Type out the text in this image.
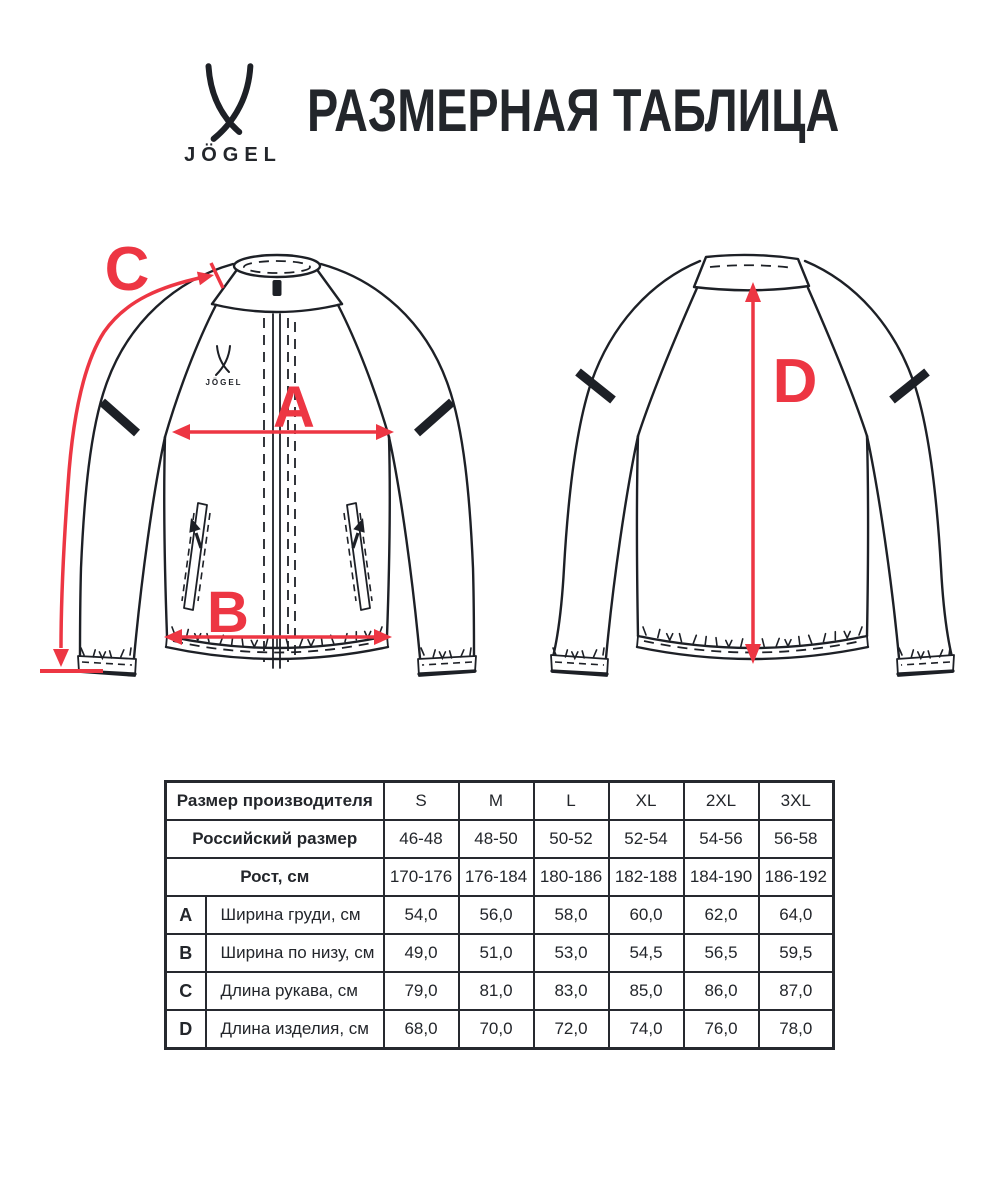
JÖGEL
РАЗМЕРНАЯ ТАБЛИЦА
JÖGEL A
B
C
D
Размер производителя		S	M	L	XL	2XL	3XL
Российский размер		46-48	48-50	50-52	52-54	54-56	56-58
Рост, см		170-176	176-184	180-186	182-188	184-190	186-192
A	Ширина груди, см	54,0	56,0	58,0	60,0	62,0	64,0
B	Ширина по низу, см	49,0	51,0	53,0	54,5	56,5	59,5
C	Длина рукава, см	79,0	81,0	83,0	85,0	86,0	87,0
D	Длина изделия, см	68,0	70,0	72,0	74,0	76,0	78,0
